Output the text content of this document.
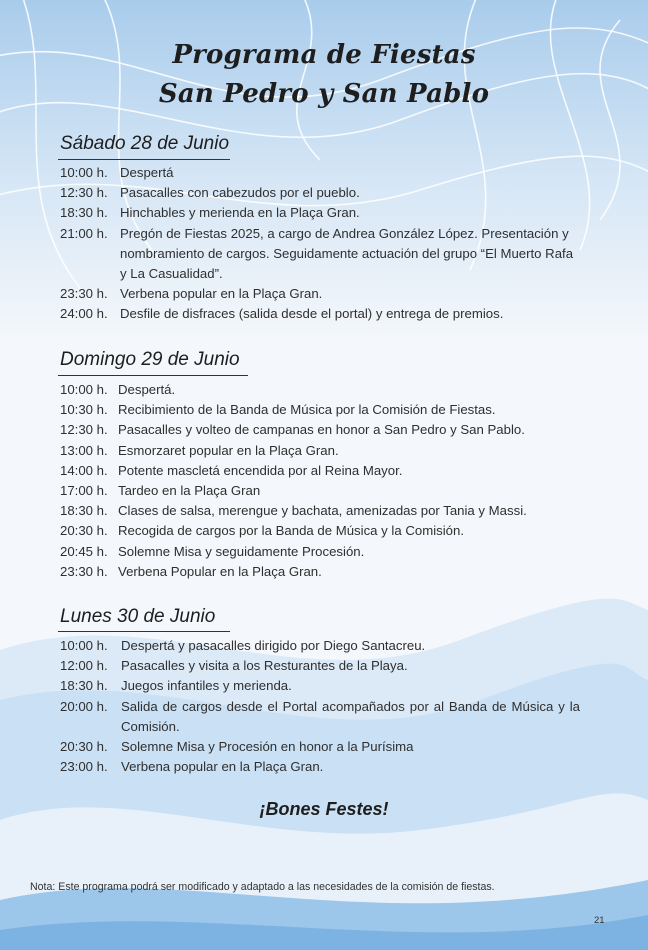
Programa de Fiestas
San Pedro y San Pablo
Sábado 28 de Junio
10:00 h. Despertá
12:30 h. Pasacalles con cabezudos por el pueblo.
18:30 h. Hinchables y merienda en la Plaça Gran.
21:00 h. Pregón de Fiestas 2025, a cargo de Andrea González López. Presentación y nombramiento de cargos. Seguidamente actuación del grupo “El Muerto Rafa y La Casualidad”.
23:30 h. Verbena popular en la Plaça Gran.
24:00 h. Desfile de disfraces (salida desde el portal) y entrega de premios.
Domingo 29 de Junio
10:00 h. Despertá.
10:30 h. Recibimiento de la Banda de Música por la Comisión de Fiestas.
12:30 h. Pasacalles y volteo de campanas en honor a San Pedro y San Pablo.
13:00 h. Esmorzaret popular en la Plaça Gran.
14:00 h. Potente mascletá encendida por al Reina Mayor.
17:00 h. Tardeo en la Plaça Gran
18:30 h. Clases de salsa, merengue y bachata, amenizadas por Tania y Massi.
20:30 h. Recogida de cargos por la Banda de Música y la Comisión.
20:45 h. Solemne Misa y seguidamente Procesión.
23:30 h. Verbena Popular en la Plaça Gran.
Lunes 30 de Junio
10:00 h.	Despertá y pasacalles dirigido por Diego Santacreu.
12:00 h.	Pasacalles y visita a los Resturantes de la Playa.
18:30 h.	Juegos infantiles y merienda.
20:00 h.	Salida de cargos desde el Portal acompañados por al Banda de Música y la Comisión.
20:30 h.	Solemne Misa y Procesión en honor a la Purísima
23:00 h.	Verbena popular en la Plaça Gran.
¡Bones Festes!
Nota: Este programa podrá ser modificado y adaptado a las necesidades de la comisión de fiestas.
21
